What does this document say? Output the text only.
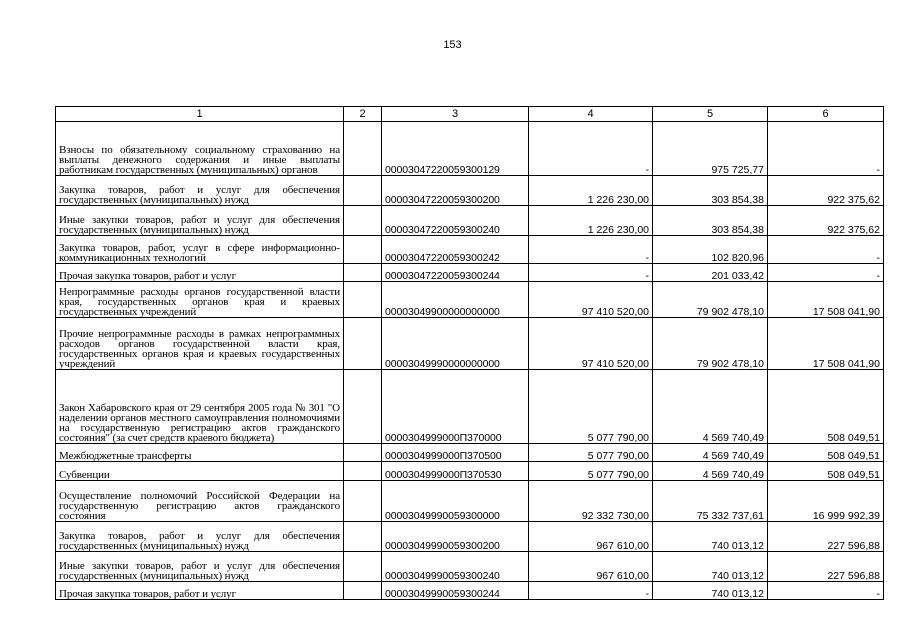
153
1	2	3	4	5	6
Взносы по обязательному социальному страхованию на выплаты денежного содержания и иные выплаты работникам государственных (муниципальных) органов		00003047220059300129	-	975 725,77	-
Закупка товаров, работ и услуг для обеспечения государственных (муниципальных) нужд		00003047220059300200	1 226 230,00	303 854,38	922 375,62
Иные закупки товаров, работ и услуг для обеспечения государственных (муниципальных) нужд		00003047220059300240	1 226 230,00	303 854,38	922 375,62
Закупка товаров, работ, услуг в сфере информационно-коммуникационных технологий		00003047220059300242	-	102 820,96	-
Прочая закупка товаров, работ и услуг		00003047220059300244	-	201 033,42	-
Непрограммные расходы органов государственной власти края, государственных органов края и краевых государственных учреждений		00003049900000000000	97 410 520,00	79 902 478,10	17 508 041,90
Прочие непрограммные расходы в рамках непрограммных расходов органов государственной власти края, государственных органов края и краевых государственных учреждений		00003049990000000000	97 410 520,00	79 902 478,10	17 508 041,90
Закон Хабаровского края от 29 сентября 2005 года № 301 "О наделении органов местного самоуправления полномочиями на государственную регистрацию актов гражданского состояния" (за счет средств краевого бюджета)		0000304999000П370000	5 077 790,00	4 569 740,49	508 049,51
Межбюджетные трансферты		0000304999000П370500	5 077 790,00	4 569 740,49	508 049,51
Субвенции		0000304999000П370530	5 077 790,00	4 569 740,49	508 049,51
Осуществление полномочий Российской Федерации на государственную регистрацию актов гражданского состояния		00003049990059300000	92 332 730,00	75 332 737,61	16 999 992,39
Закупка товаров, работ и услуг для обеспечения государственных (муниципальных) нужд		00003049990059300200	967 610,00	740 013,12	227 596,88
Иные закупки товаров, работ и услуг для обеспечения государственных (муниципальных) нужд		00003049990059300240	967 610,00	740 013,12	227 596,88
Прочая закупка товаров, работ и услуг		00003049990059300244	-	740 013,12	-
